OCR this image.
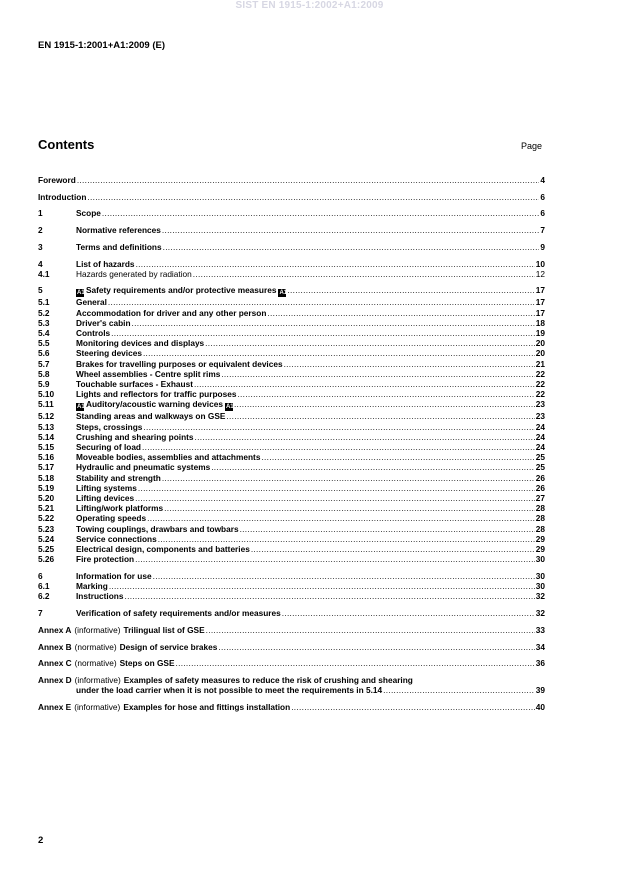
SIST EN 1915-1:2002+A1:2009
EN 1915-1:2001+A1:2009 (E)
Contents	Page
Foreword .....	4
Introduction .....	6
1	Scope .....	6
2	Normative references .....	7
3	Terms and definitions .....	9
4	List of hazards .....	10
4.1	Hazards generated by radiation .....	12
5	A1Safety requirements and/or protective measures A1 .....	17
5.1	General .....	17
5.2	Accommodation for driver and any other person .....	17
5.3	Driver's cabin .....	18
5.4	Controls .....	19
5.5	Monitoring devices and displays .....	20
5.6	Steering devices .....	20
5.7	Brakes for travelling purposes or equivalent devices .....	21
5.8	Wheel assemblies - Centre split rims .....	22
5.9	Touchable surfaces - Exhaust .....	22
5.10	Lights and reflectors for traffic purposes .....	22
5.11	A1Auditory/acoustic warning devices A1 .....	23
5.12	Standing areas and walkways on GSE .....	23
5.13	Steps, crossings .....	24
5.14	Crushing and shearing points .....	24
5.15	Securing of load .....	24
5.16	Moveable bodies, assemblies and attachments .....	25
5.17	Hydraulic and pneumatic systems .....	25
5.18	Stability and strength .....	26
5.19	Lifting systems .....	26
5.20	Lifting devices .....	27
5.21	Lifting/work platforms .....	28
5.22	Operating speeds .....	28
5.23	Towing couplings, drawbars and towbars .....	28
5.24	Service connections .....	29
5.25	Electrical design, components and batteries .....	29
5.26	Fire protection .....	30
6	Information for use .....	30
6.1	Marking .....	30
6.2	Instructions .....	32
7	Verification of safety requirements and/or measures .....	32
Annex A (informative) Trilingual list of GSE .....	33
Annex B (normative) Design of service brakes .....	34
Annex C (normative) Steps on GSE .....	36
Annex D (informative) Examples of safety measures to reduce the risk of crushing and shearing
under the load carrier when it is not possible to meet the requirements in 5.14 .....	39
Annex E (informative) Examples for hose and fittings installation .....	40
2
